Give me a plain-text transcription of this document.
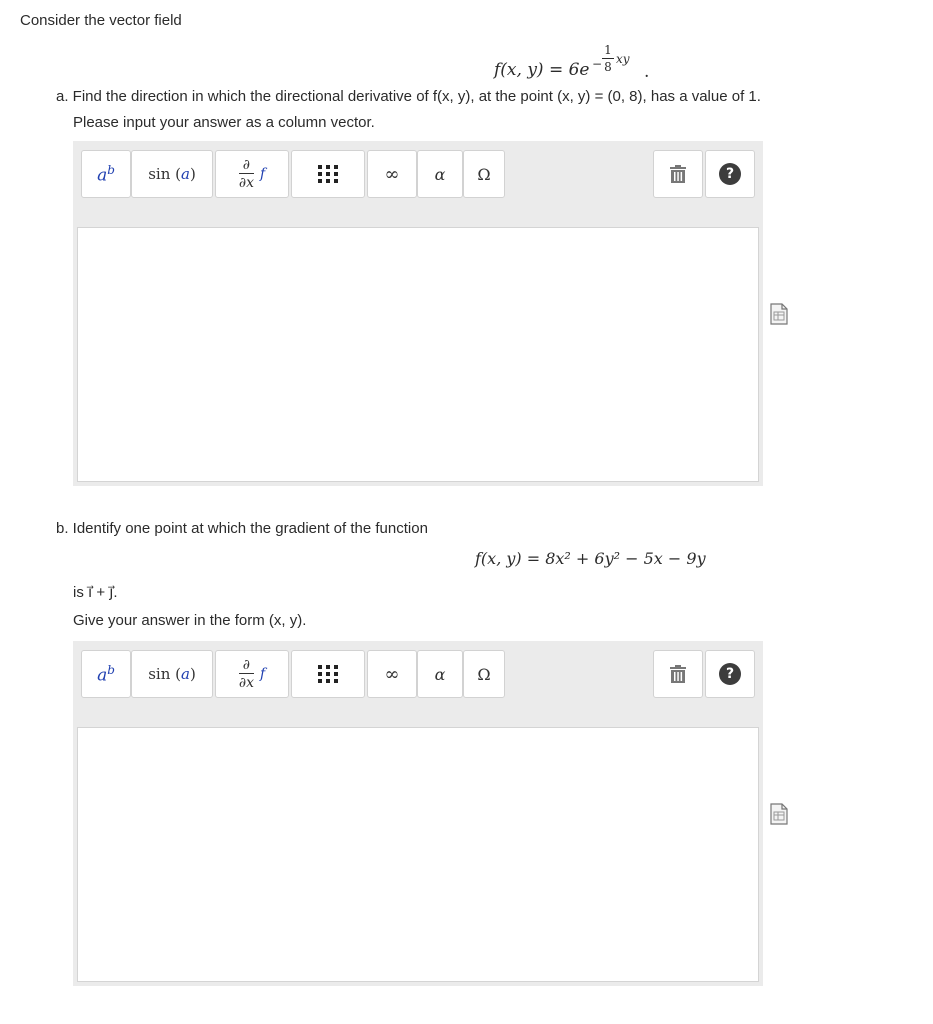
Consider the vector field
f(x, y) = 6e −
1
8
xy
.
a. Find the direction in which the directional derivative of f(x, y), at the point (x, y) = (0, 8), has a value of 1.
Please input your answer as a column vector.
$a^b$ sin (a)	∂
∂x
f	∞ α Ω	?
b. Identify one point at which the gradient of the function
f(x, y) = 8x² + 6y² − 5x − 9y
is i⃗ + j⃗.
Give your answer in the form (x, y).
$a^b$ sin (a)	∂
∂x
f	∞ α Ω	?
